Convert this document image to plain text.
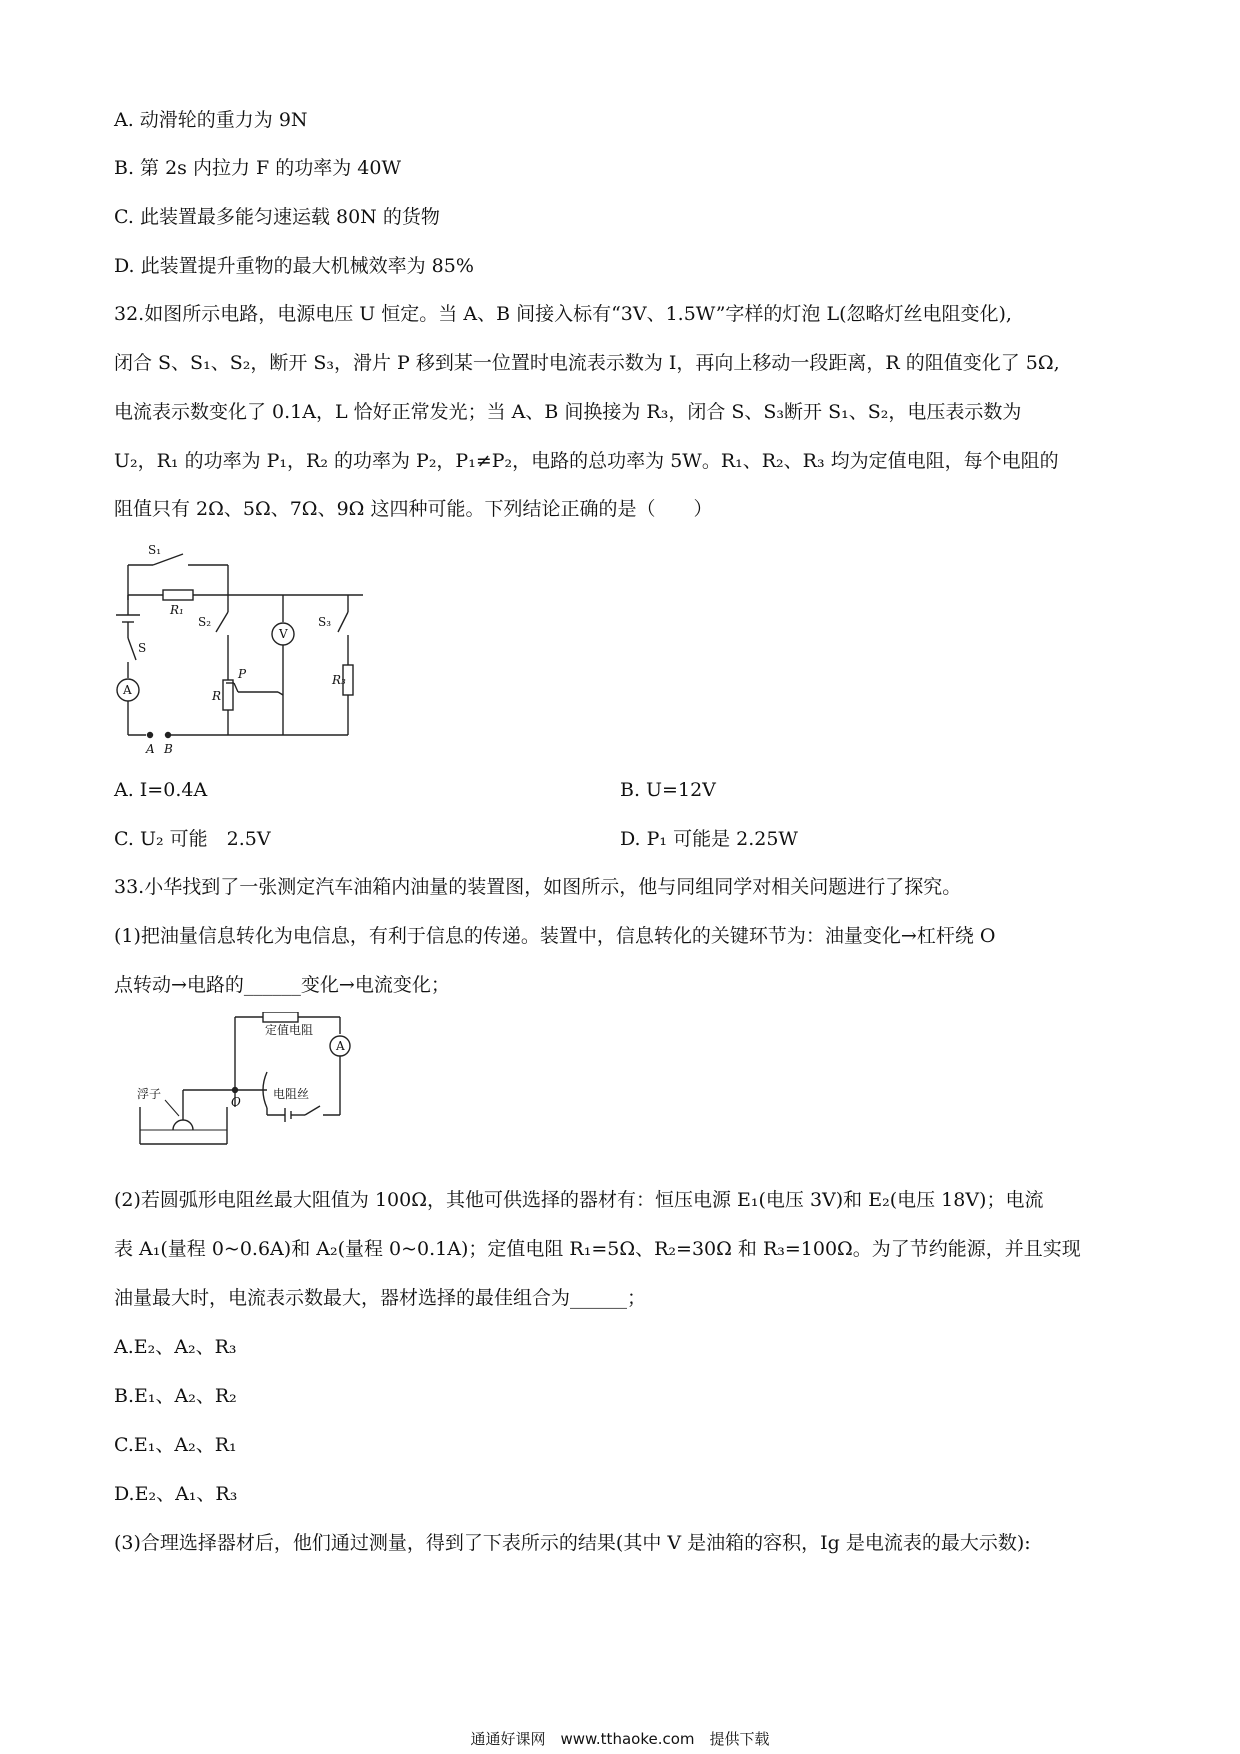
A. 动滑轮的重力为 9N
B. 第 2s 内拉力 F 的功率为 40W
C. 此装置最多能匀速运载 80N 的货物
D. 此装置提升重物的最大机械效率为 85%
32.如图所示电路，电源电压 U 恒定。当 A、B 间接入标有“3V、1.5W”字样的灯泡 L(忽略灯丝电阻变化),
闭合 S、S₁、S₂，断开 S₃，滑片 P 移到某一位置时电流表示数为 I，再向上移动一段距离，R 的阻值变化了 5Ω,
电流表示数变化了 0.1A，L 恰好正常发光；当 A、B 间换接为 R₃，闭合 S、S₃断开 S₁、S₂，电压表示数为
U₂，R₁ 的功率为 P₁，R₂ 的功率为 P₂，P₁≠P₂，电路的总功率为 5W。R₁、R₂、R₃ 均为定值电阻，每个电阻的
阻值只有 2Ω、5Ω、7Ω、9Ω 这四种可能。下列结论正确的是（　　）
S₁
R₁
S₂
S
V
S₃
A
P
R
R₃
A B
A. I=0.4A	B. U=12V
C. U₂ 可能　2.5V	D. P₁ 可能是 2.25W
33.小华找到了一张测定汽车油箱内油量的装置图，如图所示，他与同组同学对相关问题进行了探究。
(1)把油量信息转化为电信息，有利于信息的传递。装置中，信息转化的关键环节为：油量变化→杠杆绕 O
点转动→电路的______变化→电流变化；
定值电阻
浮子
O
电阻丝
A
(2)若圆弧形电阻丝最大阻值为 100Ω，其他可供选择的器材有：恒压电源 E₁(电压 3V)和 E₂(电压 18V)；电流
表 A₁(量程 0~0.6A)和 A₂(量程 0~0.1A)；定值电阻 R₁=5Ω、R₂=30Ω 和 R₃=100Ω。为了节约能源，并且实现
油量最大时，电流表示数最大，器材选择的最佳组合为______；
A.E₂、A₂、R₃
B.E₁、A₂、R₂
C.E₁、A₂、R₁
D.E₂、A₁、R₃
(3)合理选择器材后，他们通过测量，得到了下表所示的结果(其中 V 是油箱的容积，Ig 是电流表的最大示数):
通通好课网　www.tthaoke.com　提供下载
